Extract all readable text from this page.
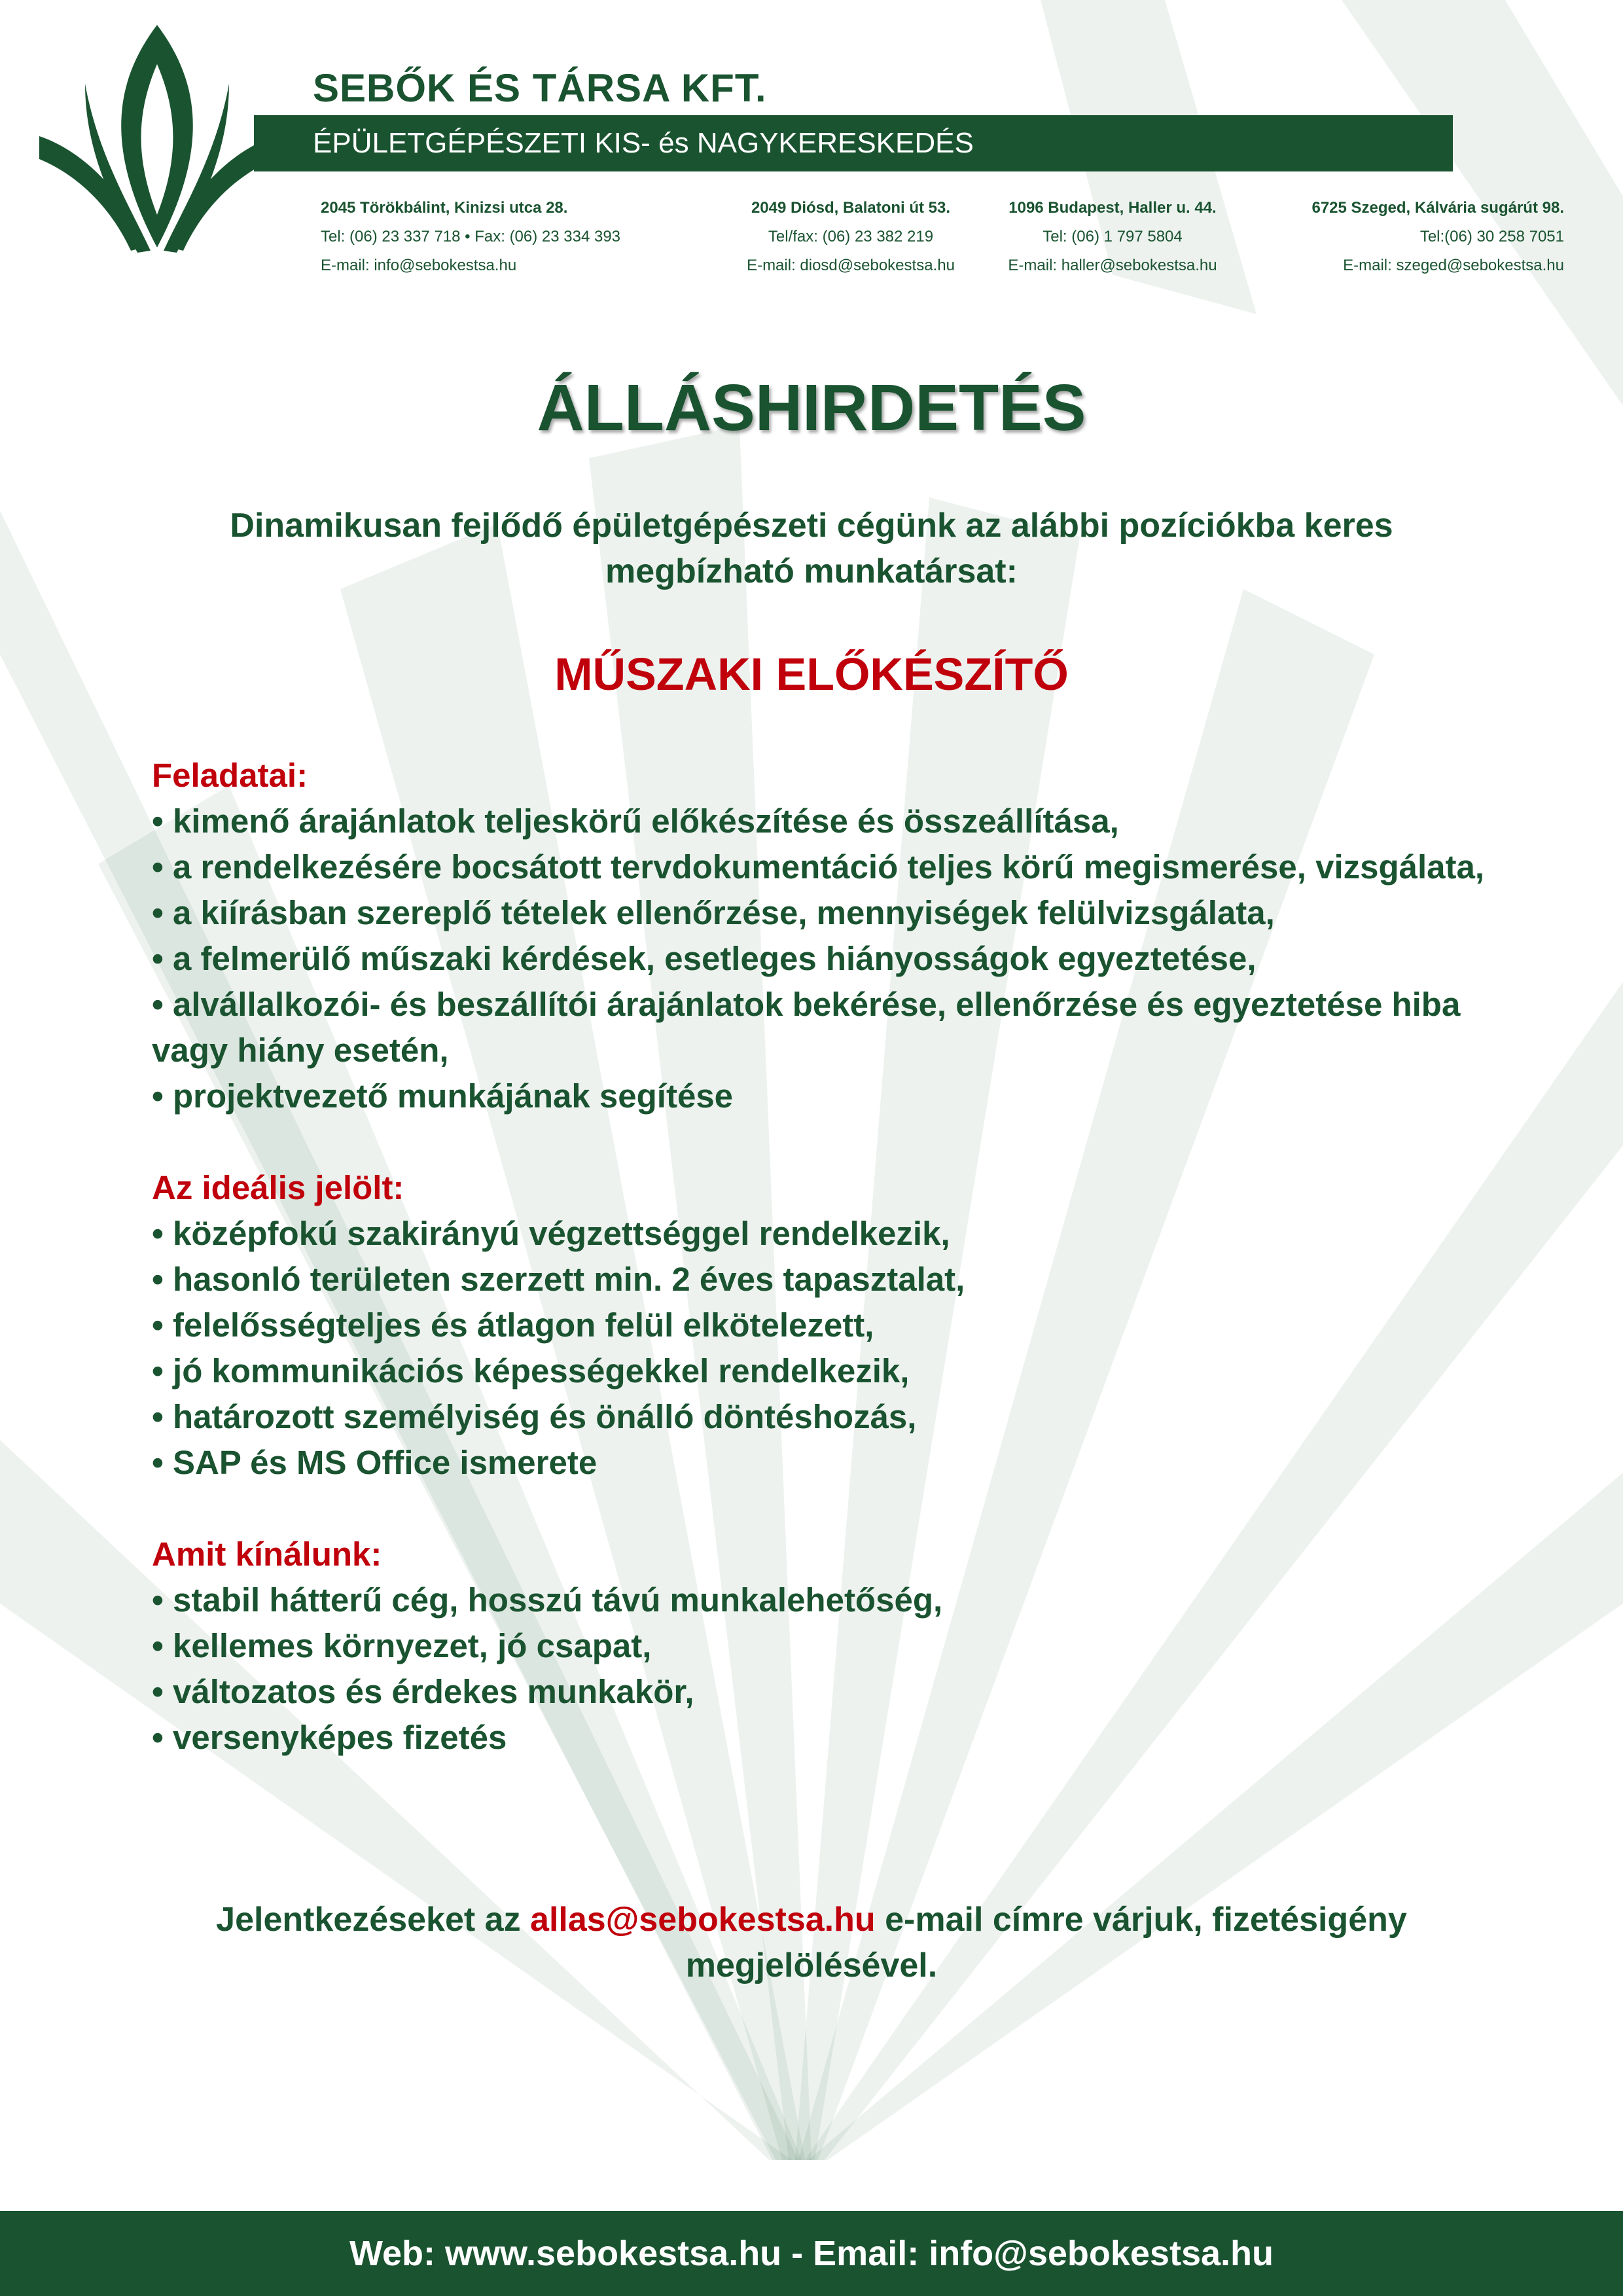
SEBŐK ÉS TÁRSA KFT.
ÉPÜLETGÉPÉSZETI KIS- és NAGYKERESKEDÉS
2045 Törökbálint, Kinizsi utca 28.
Tel: (06) 23 337 718 • Fax: (06) 23 334 393
E-mail: info@sebokestsa.hu
2049 Diósd, Balatoni út 53.
Tel/fax: (06) 23 382 219
E-mail: diosd@sebokestsa.hu
1096 Budapest, Haller u. 44.
Tel: (06) 1 797 5804
E-mail: haller@sebokestsa.hu
6725 Szeged, Kálvária sugárút 98.
Tel:(06) 30 258 7051
E-mail: szeged@sebokestsa.hu
ÁLLÁSHIRDETÉS
Dinamikusan fejlődő épületgépészeti cégünk az alábbi pozíciókba keres megbízható munkatársat:
MŰSZAKI ELŐKÉSZÍTŐ
Feladatai:
• kimenő árajánlatok teljeskörű előkészítése és összeállítása,
• a rendelkezésére bocsátott tervdokumentáció teljes körű megismerése, vizsgálata,
• a kiírásban szereplő tételek ellenőrzése, mennyiségek felülvizsgálata,
• a felmerülő műszaki kérdések, esetleges hiányosságok egyeztetése,
• alvállalkozói- és beszállítói árajánlatok bekérése, ellenőrzése és egyeztetése hiba vagy hiány esetén,
• projektvezető munkájának segítése
Az ideális jelölt:
• középfokú szakirányú végzettséggel rendelkezik,
• hasonló területen szerzett min. 2 éves tapasztalat,
• felelősségteljes és átlagon felül elkötelezett,
• jó kommunikációs képességekkel rendelkezik,
• határozott személyiség és önálló döntéshozás,
• SAP és MS Office ismerete
Amit kínálunk:
• stabil hátterű cég, hosszú távú munkalehetőség,
• kellemes környezet, jó csapat,
• változatos és érdekes munkakör,
• versenyképes fizetés
Jelentkezéseket az allas@sebokestsa.hu e-mail címre várjuk, fizetésigény megjelölésével.
Web: www.sebokestsa.hu - Email: info@sebokestsa.hu
